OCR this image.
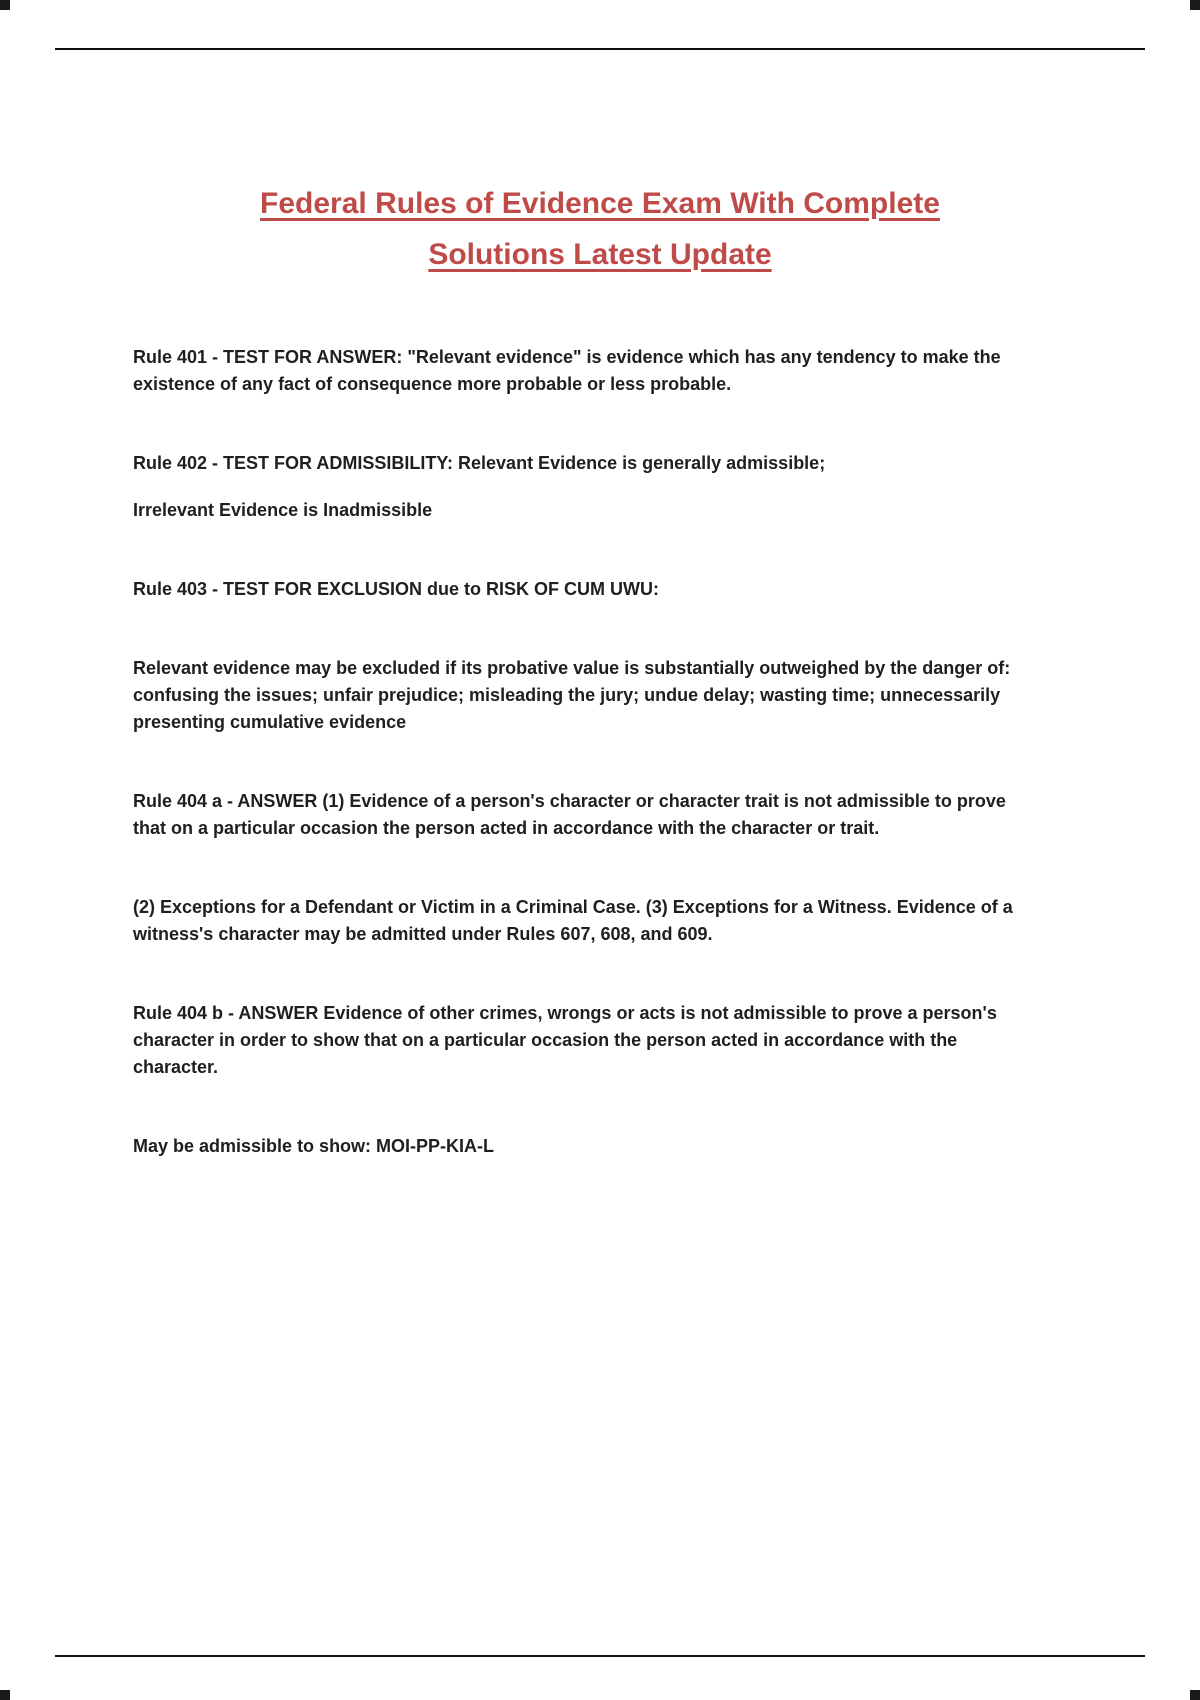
Federal Rules of Evidence Exam With Complete
Solutions Latest Update

Rule 401 - TEST FOR ANSWER: "Relevant evidence" is evidence which has any tendency to make the existence of any fact of consequence more probable or less probable.

Rule 402 - TEST FOR ADMISSIBILITY: Relevant Evidence is generally admissible;

Irrelevant Evidence is Inadmissible

Rule 403 - TEST FOR EXCLUSION due to RISK OF CUM UWU:

Relevant evidence may be excluded if its probative value is substantially outweighed by the danger of: confusing the issues; unfair prejudice; misleading the jury; undue delay; wasting time; unnecessarily presenting cumulative evidence

Rule 404 a - ANSWER (1) Evidence of a person's character or character trait is not admissible to prove that on a particular occasion the person acted in accordance with the character or trait.

(2) Exceptions for a Defendant or Victim in a Criminal Case. (3) Exceptions for a Witness. Evidence of a witness's character may be admitted under Rules 607, 608, and 609.

Rule 404 b - ANSWER Evidence of other crimes, wrongs or acts is not admissible to prove a person's character in order to show that on a particular occasion the person acted in accordance with the character.

May be admissible to show: MOI-PP-KIA-L
